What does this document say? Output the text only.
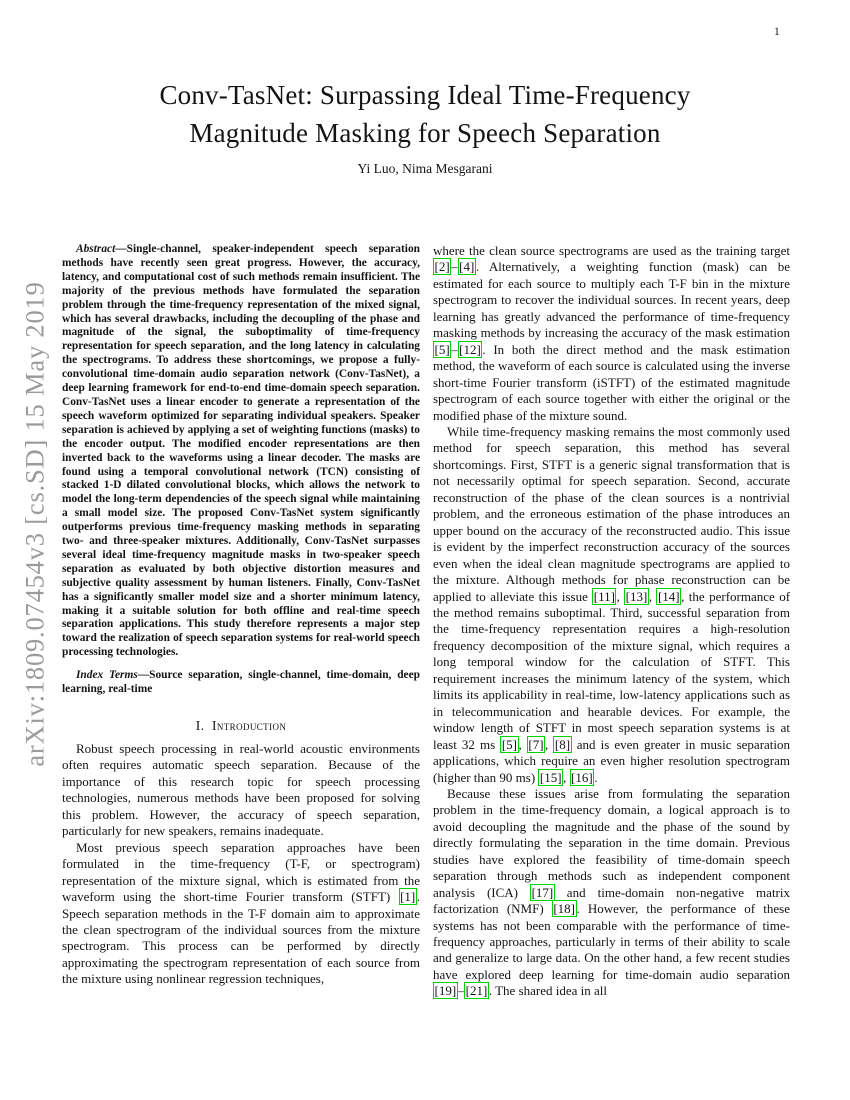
1
Conv-TasNet: Surpassing Ideal Time-Frequency Magnitude Masking for Speech Separation
Yi Luo, Nima Mesgarani
arXiv:1809.07454v3 [cs.SD] 15 May 2019

Abstract—Single-channel, speaker-independent speech separation methods have recently seen great progress. However, the accuracy, latency, and computational cost of such methods remain insufficient. The majority of the previous methods have formulated the separation problem through the time-frequency representation of the mixed signal, which has several drawbacks, including the decoupling of the phase and magnitude of the signal, the suboptimality of time-frequency representation for speech separation, and the long latency in calculating the spectrograms. To address these shortcomings, we propose a fully-convolutional time-domain audio separation network (Conv-TasNet), a deep learning framework for end-to-end time-domain speech separation. Conv-TasNet uses a linear encoder to generate a representation of the speech waveform optimized for separating individual speakers. Speaker separation is achieved by applying a set of weighting functions (masks) to the encoder output. The modified encoder representations are then inverted back to the waveforms using a linear decoder. The masks are found using a temporal convolutional network (TCN) consisting of stacked 1-D dilated convolutional blocks, which allows the network to model the long-term dependencies of the speech signal while maintaining a small model size. The proposed Conv-TasNet system significantly outperforms previous time-frequency masking methods in separating two- and three-speaker mixtures. Additionally, Conv-TasNet surpasses several ideal time-frequency magnitude masks in two-speaker speech separation as evaluated by both objective distortion measures and subjective quality assessment by human listeners. Finally, Conv-TasNet has a significantly smaller model size and a shorter minimum latency, making it a suitable solution for both offline and real-time speech separation applications. This study therefore represents a major step toward the realization of speech separation systems for real-world speech processing technologies.

Index Terms—Source separation, single-channel, time-domain, deep learning, real-time

I. Introduction

Robust speech processing in real-world acoustic environments often requires automatic speech separation. Because of the importance of this research topic for speech processing technologies, numerous methods have been proposed for solving this problem. However, the accuracy of speech separation, particularly for new speakers, remains inadequate.

Most previous speech separation approaches have been formulated in the time-frequency (T-F, or spectrogram) representation of the mixture signal, which is estimated from the waveform using the short-time Fourier transform (STFT) [1] . Speech separation methods in the T-F domain aim to approximate the clean spectrogram of the individual sources from the mixture spectrogram. This process can be performed by directly approximating the spectrogram representation of each source from the mixture using nonlinear regression techniques,

where the clean source spectrograms are used as the training target [2] – [4] . Alternatively, a weighting function (mask) can be estimated for each source to multiply each T-F bin in the mixture spectrogram to recover the individual sources. In recent years, deep learning has greatly advanced the performance of time-frequency masking methods by increasing the accuracy of the mask estimation [5] – [12] . In both the direct method and the mask estimation method, the waveform of each source is calculated using the inverse short-time Fourier transform (iSTFT) of the estimated magnitude spectrogram of each source together with either the original or the modified phase of the mixture sound.

While time-frequency masking remains the most commonly used method for speech separation, this method has several shortcomings. First, STFT is a generic signal transformation that is not necessarily optimal for speech separation. Second, accurate reconstruction of the phase of the clean sources is a nontrivial problem, and the erroneous estimation of the phase introduces an upper bound on the accuracy of the reconstructed audio. This issue is evident by the imperfect reconstruction accuracy of the sources even when the ideal clean magnitude spectrograms are applied to the mixture. Although methods for phase reconstruction can be applied to alleviate this issue [11] , [13] , [14] , the performance of the method remains suboptimal. Third, successful separation from the time-frequency representation requires a high-resolution frequency decomposition of the mixture signal, which requires a long temporal window for the calculation of STFT. This requirement increases the minimum latency of the system, which limits its applicability in real-time, low-latency applications such as in telecommunication and hearable devices. For example, the window length of STFT in most speech separation systems is at least 32 ms [5] , [7] , [8] and is even greater in music separation applications, which require an even higher resolution spectrogram (higher than 90 ms) [15] , [16] .

Because these issues arise from formulating the separation problem in the time-frequency domain, a logical approach is to avoid decoupling the magnitude and the phase of the sound by directly formulating the separation in the time domain. Previous studies have explored the feasibility of time-domain speech separation through methods such as independent component analysis (ICA) [17] and time-domain non-negative matrix factorization (NMF) [18] . However, the performance of these systems has not been comparable with the performance of time-frequency approaches, particularly in terms of their ability to scale and generalize to large data. On the other hand, a few recent studies have explored deep learning for time-domain audio separation [19] – [21] . The shared idea in all
